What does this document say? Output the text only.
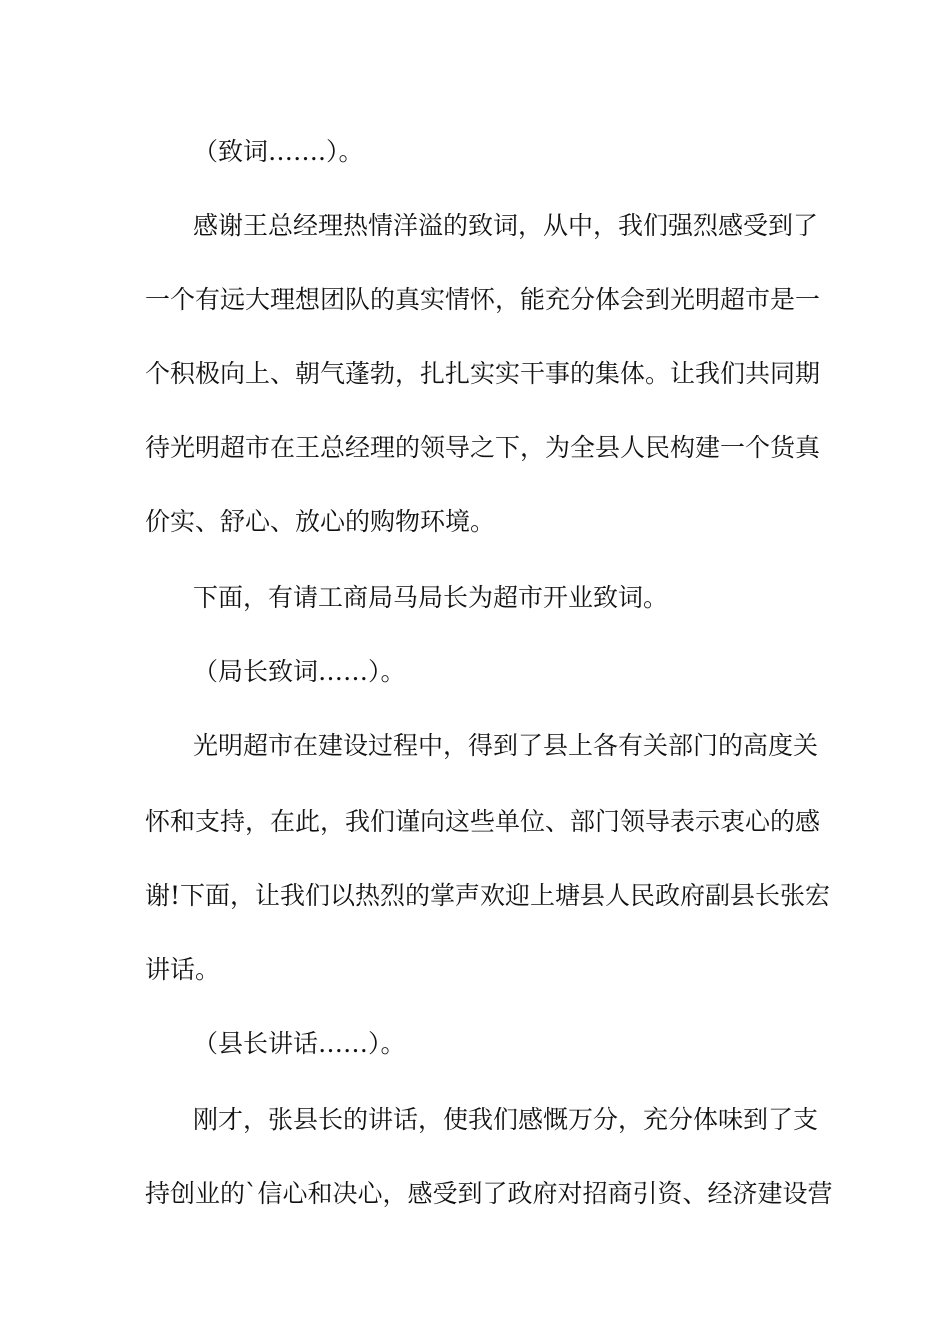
（致词…….）。
感谢王总经理热情洋溢的致词，从中，我们强烈感受到了
一个有远大理想团队的真实情怀，能充分体会到光明超市是一
个积极向上、朝气蓬勃，扎扎实实干事的集体。让我们共同期
待光明超市在王总经理的领导之下，为全县人民构建一个货真
价实、舒心、放心的购物环境。
下面，有请工商局马局长为超市开业致词。
（局长致词……）。
光明超市在建设过程中，得到了县上各有关部门的高度关
怀和支持，在此，我们谨向这些单位、部门领导表示衷心的感
谢!下面，让我们以热烈的掌声欢迎上塘县人民政府副县长张宏
讲话。
（县长讲话……）。
刚才，张县长的讲话，使我们感慨万分，充分体味到了支
持创业的`信心和决心，感受到了政府对招商引资、经济建设营
